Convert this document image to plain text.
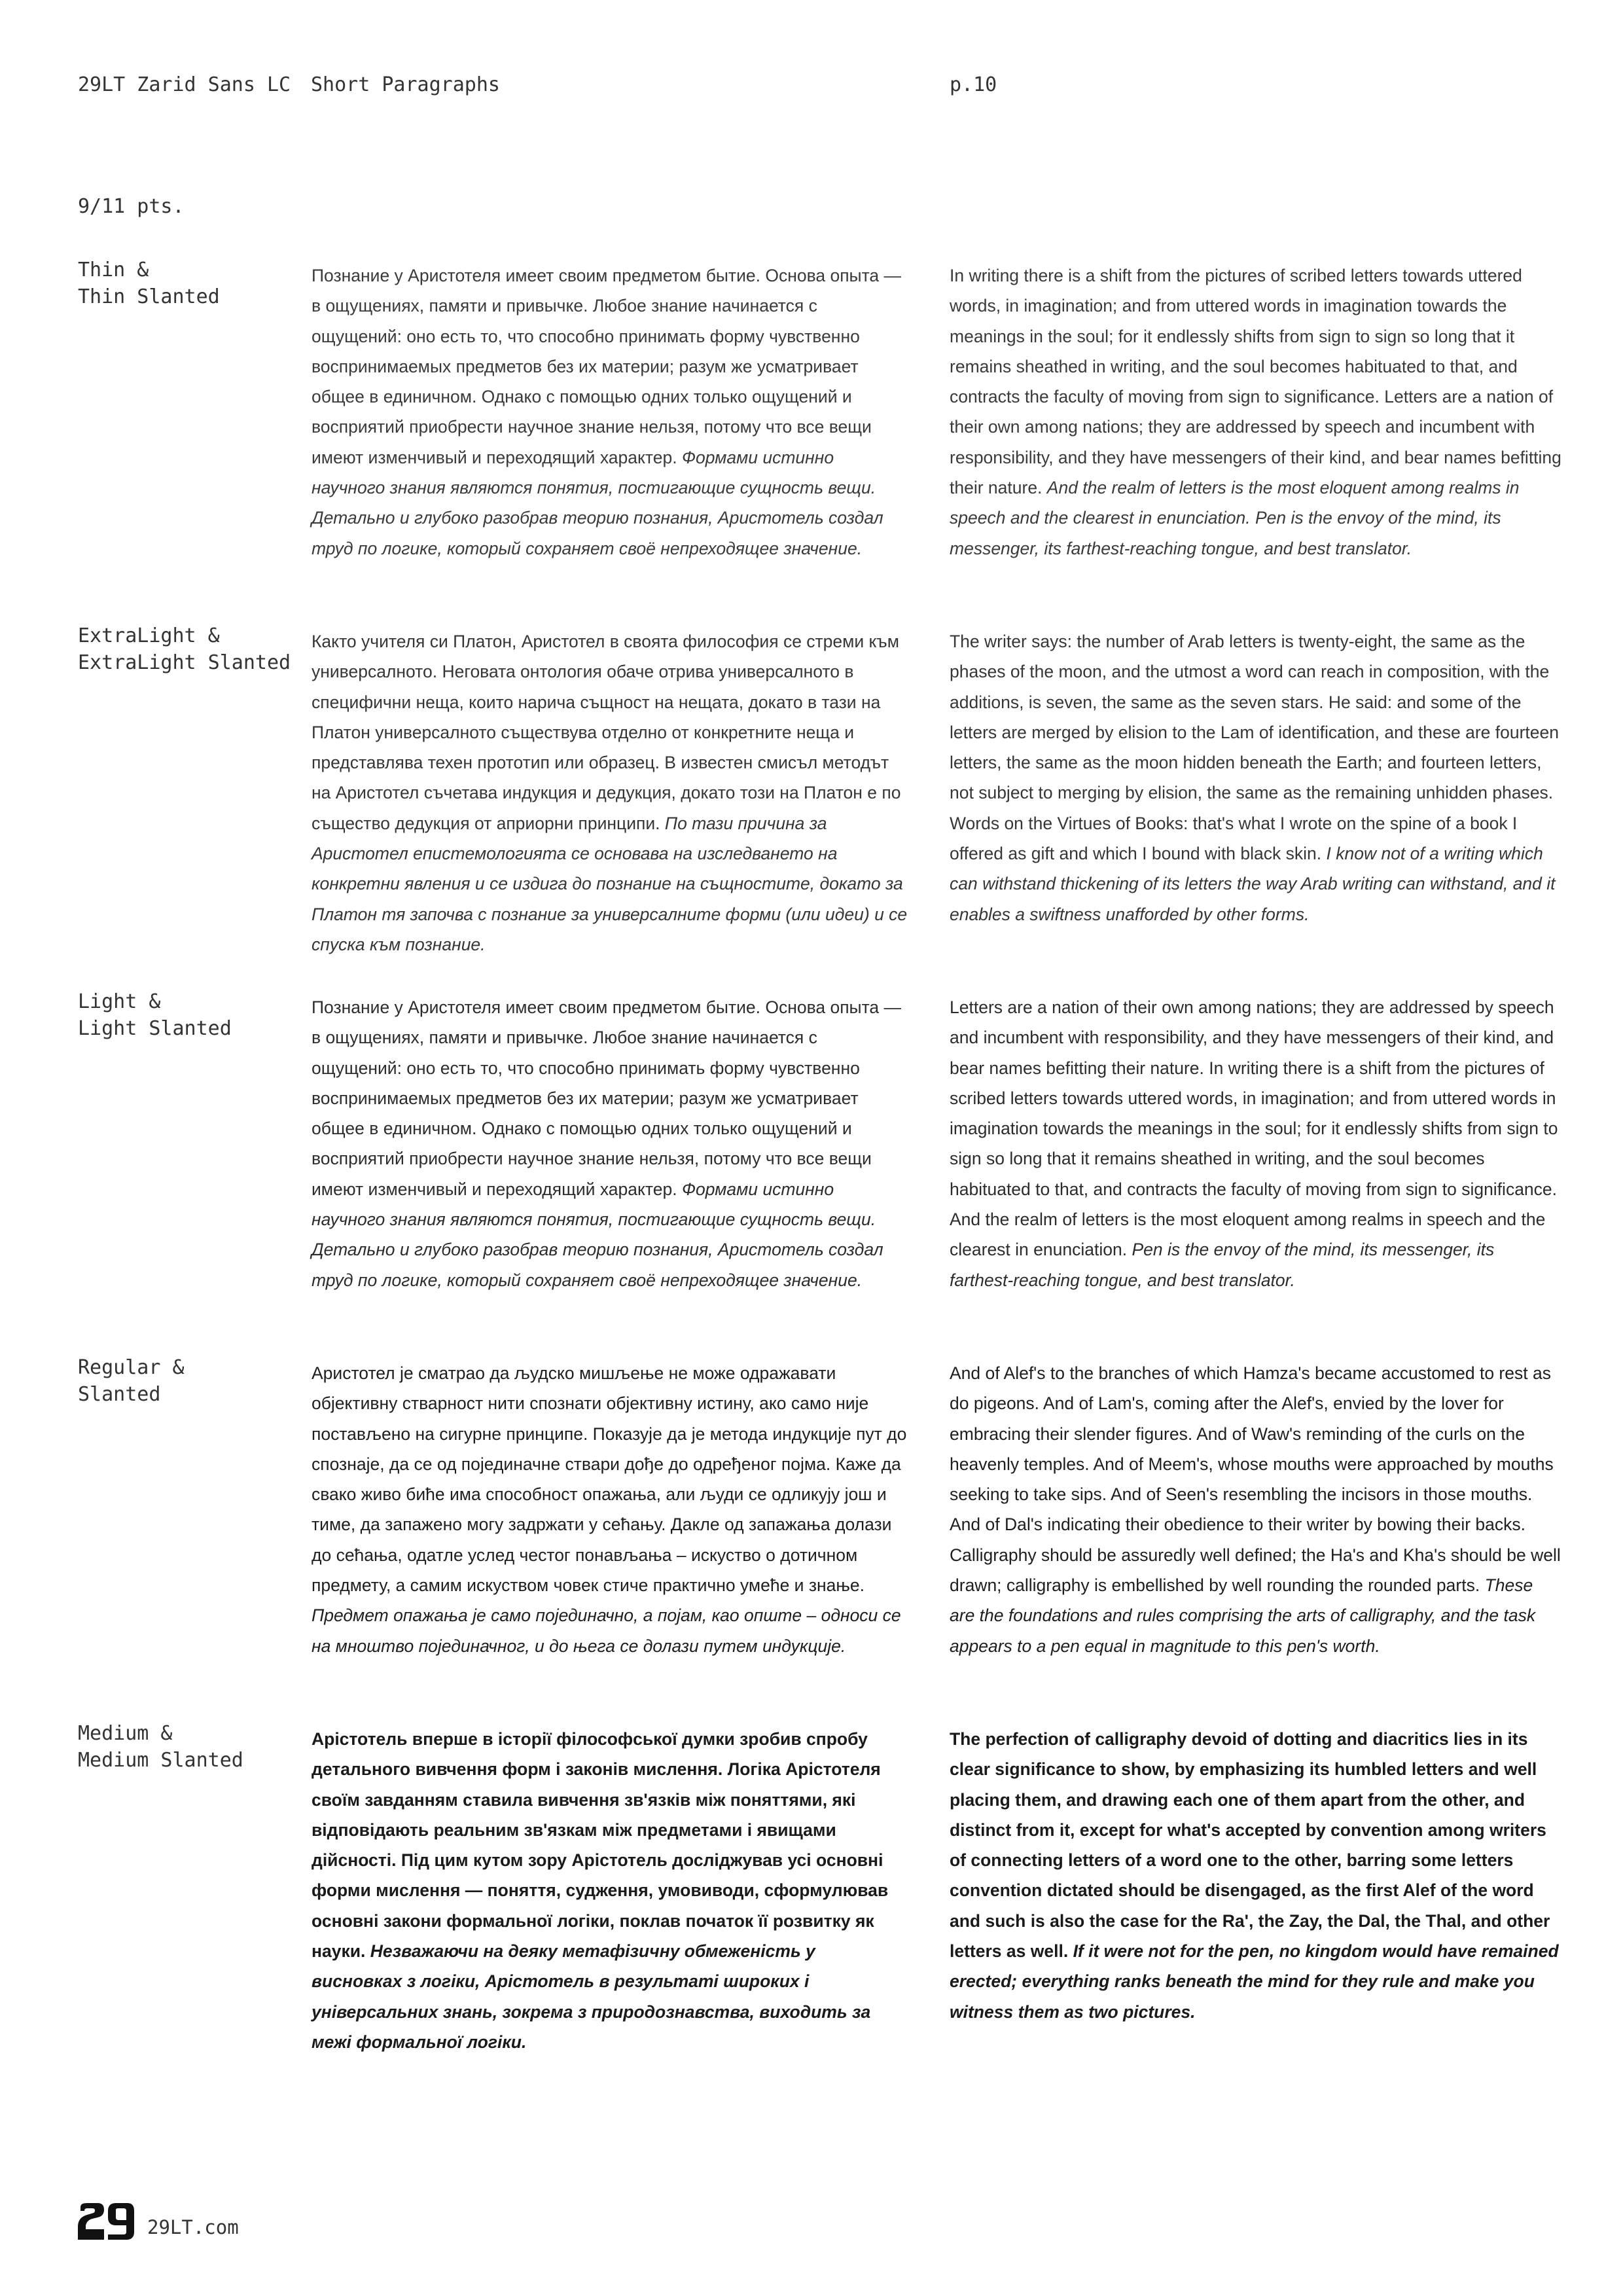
29LT Zarid Sans LC Short Paragraphs	p.10
9/11 pts.
Thin &
Thin Slanted

Познание у Аристотеля имеет своим предметом бытие. Основа опыта — в ощущениях, памяти и привычке. Любое знание начинается с ощущений: оно есть то, что способно принимать форму чувственно воспринимаемых предметов без их материи; разум же усматривает общее в единичном. Однако с помощью одних только ощущений и восприятий приобрести научное знание нельзя, потому что все вещи имеют изменчивый и переходящий характер. Формами истинно научного знания являются понятия, постигающие сущность вещи. Детально и глубоко разобрав теорию познания, Аристотель создал труд по логике, который сохраняет своё непреходящее значение.

In writing there is a shift from the pictures of scribed letters towards uttered words, in imagination; and from uttered words in imagination towards the meanings in the soul; for it endlessly shifts from sign to sign so long that it remains sheathed in writing, and the soul becomes habituated to that, and contracts the faculty of moving from sign to significance. Letters are a nation of their own among nations; they are addressed by speech and incumbent with responsibility, and they have messengers of their kind, and bear names befitting their nature. And the realm of letters is the most eloquent among realms in speech and the clearest in enunciation. Pen is the envoy of the mind, its messenger, its farthest-reaching tongue, and best translator.

ExtraLight &
ExtraLight Slanted

Както учителя си Платон, Аристотел в своята философия се стреми към универсалното. Неговата онтология обаче отрива универсалното в специфични неща, които нарича същност на нещата, докато в тази на Платон универсалното съществува отделно от конкретните неща и представлява техен прототип или образец. В известен смисъл методът на Аристотел съчетава индукция и дедукция, докато този на Платон е по същество дедукция от априорни принципи. По тази причина за Аристотел епистемологията се основава на изследването на конкретни явления и се издига до познание на същностите, докато за Платон тя започва с познание за универсалните форми (или идеи) и се спуска към познание.

The writer says: the number of Arab letters is twenty-eight, the same as the phases of the moon, and the utmost a word can reach in composition, with the additions, is seven, the same as the seven stars. He said: and some of the letters are merged by elision to the Lam of identification, and these are fourteen letters, the same as the moon hidden beneath the Earth; and fourteen letters, not subject to merging by elision, the same as the remaining unhidden phases. Words on the Virtues of Books: that's what I wrote on the spine of a book I offered as gift and which I bound with black skin. I know not of a writing which can withstand thickening of its letters the way Arab writing can withstand, and it enables a swiftness unafforded by other forms.

Light &
Light Slanted

Познание у Аристотеля имеет своим предметом бытие. Основа опыта — в ощущениях, памяти и привычке. Любое знание начинается с ощущений: оно есть то, что способно принимать форму чувственно воспринимаемых предметов без их материи; разум же усматривает общее в единичном. Однако с помощью одних только ощущений и восприятий приобрести научное знание нельзя, потому что все вещи имеют изменчивый и переходящий характер. Формами истинно научного знания являются понятия, постигающие сущность вещи. Детально и глубоко разобрав теорию познания, Аристотель создал труд по логике, который сохраняет своё непреходящее значение.

Letters are a nation of their own among nations; they are addressed by speech and incumbent with responsibility, and they have messengers of their kind, and bear names befitting their nature. In writing there is a shift from the pictures of scribed letters towards uttered words, in imagination; and from uttered words in imagination towards the meanings in the soul; for it endlessly shifts from sign to sign so long that it remains sheathed in writing, and the soul becomes habituated to that, and contracts the faculty of moving from sign to significance. And the realm of letters is the most eloquent among realms in speech and the clearest in enunciation. Pen is the envoy of the mind, its messenger, its farthest-reaching tongue, and best translator.

Regular &
Slanted

Аристотел је сматрао да људско мишљење не може одражавати објективну стварност нити спознати објективну истину, ако само није постављено на сигурне принципе. Показује да је метода индукције пут до спознаје, да се од појединачне ствари дође до одређеног појма. Каже да свако живо биће има способност опажања, али људи се одликују још и тиме, да запажено могу задржати у сећању. Дакле од запажања долази до сећања, одатле услед честог понављања – искуство о дотичном предмету, а самим искуством човек стиче практично умеће и знање. Предмет опажања је само појединачно, а појам, као опште – односи се на мноштво појединачног, и до њега се долази путем индукције.

And of Alef's to the branches of which Hamza's became accustomed to rest as do pigeons. And of Lam's, coming after the Alef's, envied by the lover for embracing their slender figures. And of Waw's reminding of the curls on the heavenly temples. And of Meem's, whose mouths were approached by mouths seeking to take sips. And of Seen's resembling the incisors in those mouths. And of Dal's indicating their obedience to their writer by bowing their backs. Calligraphy should be assuredly well defined; the Ha's and Kha's should be well drawn; calligraphy is embellished by well rounding the rounded parts. These are the foundations and rules comprising the arts of calligraphy, and the task appears to a pen equal in magnitude to this pen's worth.

Medium &
Medium Slanted

Арістотель вперше в історії філософської думки зробив спробу детального вивчення форм і законів мислення. Логіка Арістотеля своїм завданням ставила вивчення зв'язків між поняттями, які відповідають реальним зв'язкам між предметами і явищами дійсності. Під цим кутом зору Арістотель досліджував усі основні форми мислення — поняття, судження, умовиводи, сформулював основні закони формальної логіки, поклав початок її розвитку як науки. Незважаючи на деяку метафізичну обмеженість у висновках з логіки, Арістотель в результаті широких і універсальних знань, зокрема з природознавства, виходить за межі формальної логіки.

The perfection of calligraphy devoid of dotting and diacritics lies in its clear significance to show, by emphasizing its humbled letters and well placing them, and drawing each one of them apart from the other, and distinct from it, except for what's accepted by convention among writers of connecting letters of a word one to the other, barring some letters convention dictated should be disengaged, as the first Alef of the word and such is also the case for the Ra', the Zay, the Dal, the Thal, and other letters as well. If it were not for the pen, no kingdom would have remained erected; everything ranks beneath the mind for they rule and make you witness them as two pictures.

29LT.com
